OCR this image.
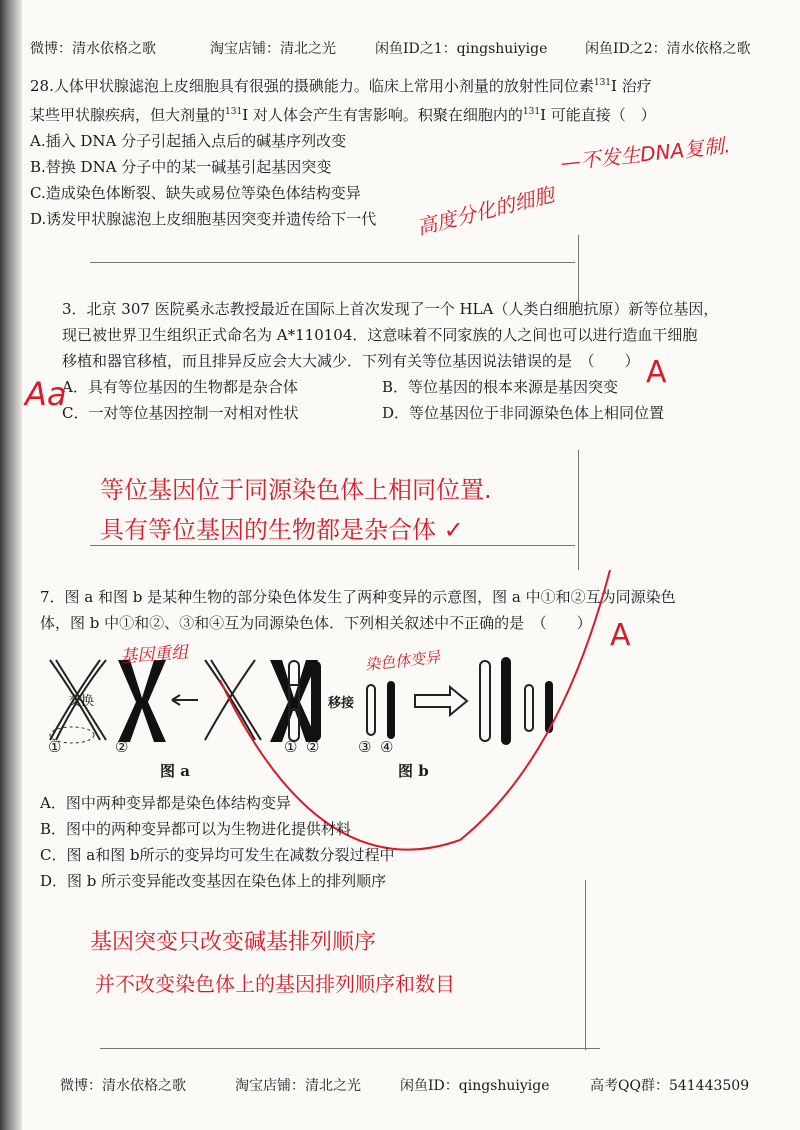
微博：清水依格之歌	淘宝店铺：清北之光	闲鱼ID之1：qingshuiyige	闲鱼ID之2：清水依格之歌

28.人体甲状腺滤泡上皮细胞具有很强的摄碘能力。临床上常用小剂量的放射性同位素$^{131}$I 治疗

某些甲状腺疾病，但大剂量的$^{131}$I 对人体会产生有害影响。积聚在细胞内的$^{131}$I 可能直接（　）

A.插入 DNA 分子引起插入点后的碱基序列改变

B.替换 DNA 分子中的某一碱基引起基因突变

C.造成染色体断裂、缺失或易位等染色体结构变异

D.诱发甲状腺滤泡上皮细胞基因突变并遗传给下一代

—不发生DNA复制.
高度分化的细胞

3．北京 307 医院奚永志教授最近在国际上首次发现了一个 HLA（人类白细胞抗原）新等位基因，

现已被世界卫生组织正式命名为 A*110104．这意味着不同家族的人之间也可以进行造血干细胞

移植和器官移植，而且排异反应会大大减少．下列有关等位基因说法错误的是　（　　）

A．具有等位基因的生物都是杂合体	B．等位基因的根本来源是基因突变

C．一对等位基因控制一对相对性状	D．等位基因位于非同源染色体上相同位置

Aa
A
等位基因位于同源染色体上相同位置.
具有等位基因的生物都是杂合体 ✓

7．图 a 和图 b 是某种生物的部分染色体发生了两种变异的示意图，图 a 中①和②互为同源染色

体，图 b 中①和②、③和④互为同源染色体．下列相关叙述中不正确的是　（　　） A
交换
①	②
图 a
基因重组
移接
① ②	③ ④
图 b
染色体变异

A．图中两种变异都是染色体结构变异

B．图中的两种变异都可以为生物进化提供材料

C．图 a和图 b所示的变异均可发生在减数分裂过程中

D．图 b 所示变异能改变基因在染色体上的排列顺序

基因突变只改变碱基排列顺序
并不改变染色体上的基因排列顺序和数目
微博：清水依格之歌	淘宝店铺：清北之光	闲鱼ID：qingshuiyige	高考QQ群：541443509
